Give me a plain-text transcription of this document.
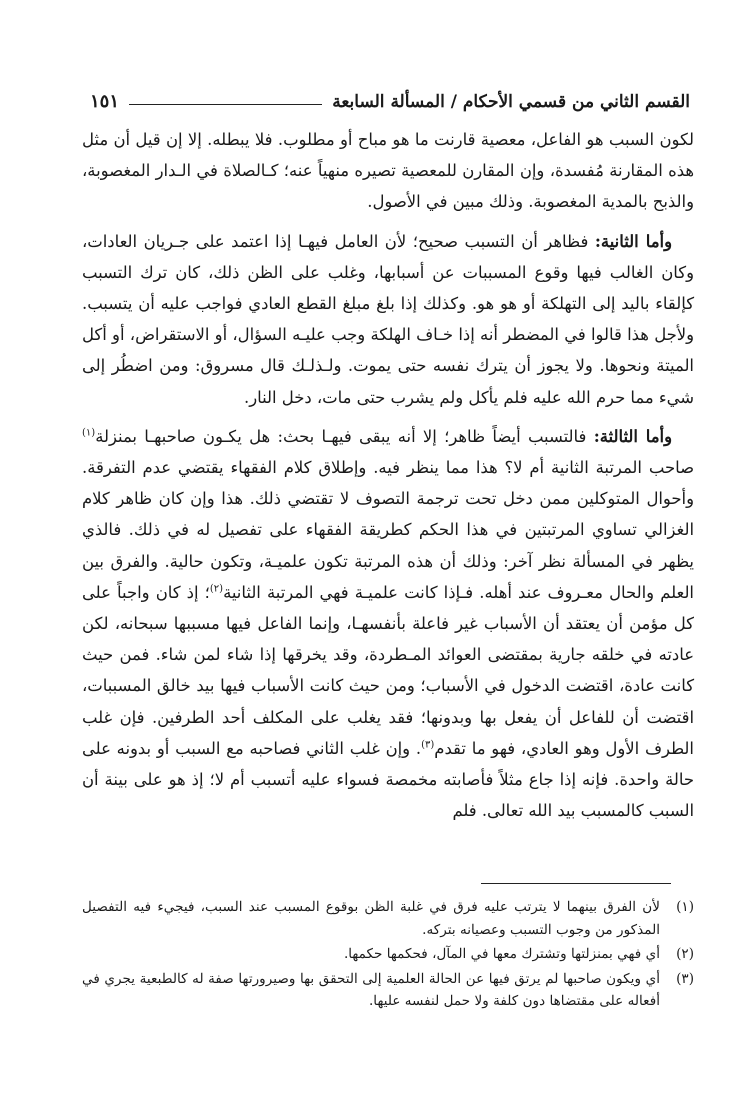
القسم الثاني من قسمي الأحكام / المسألة السابعة
١٥١

لكون السبب هو الفاعل، معصية قارنت ما هو مباح أو مطلوب. فلا يبطله. إلا إن قيل أن مثل هذه المقارنة مُفسدة، وإن المقارن للمعصية تصيره منهياً عنه؛ كـالصلاة في الـدار المغصوبة، والذبح بالمدية المغصوبة. وذلك مبين في الأصول.

وأما الثانية: فظاهر أن التسبب صحيح؛ لأن العامل فيهـا إذا اعتمد على جـريان العادات، وكان الغالب فيها وقوع المسببات عن أسبابها، وغلب على الظن ذلك، كان ترك التسبب كإلقاء باليد إلى التهلكة أو هو هو. وكذلك إذا بلغ مبلغ القطع العادي فواجب عليه أن يتسبب. ولأجل هذا قالوا في المضطر أنه إذا خـاف الهلكة وجب عليـه السؤال، أو الاستقراض، أو أكل الميتة ونحوها. ولا يجوز أن يترك نفسه حتى يموت. ولـذلـك قال مسروق: ومن اضطُر إلى شيء مما حرم الله عليه فلم يأكل ولم يشرب حتى مات، دخل النار.

وأما الثالثة: فالتسبب أيضاً ظاهر؛ إلا أنه يبقى فيهـا بحث: هل يكـون صاحبهـا بمنزلة$^{(١)}$ صاحب المرتبة الثانية أم لا؟ هذا مما ينظر فيه. وإطلاق كلام الفقهاء يقتضي عدم التفرقة. وأحوال المتوكلين ممن دخل تحت ترجمة التصوف لا تقتضي ذلك. هذا وإن كان ظاهر كلام الغزالي تساوي المرتبتين في هذا الحكم كطريقة الفقهاء على تفصيل له في ذلك. فالذي يظهر في المسألة نظر آخر: وذلك أن هذه المرتبة تكون علميـة، وتكون حالية. والفرق بين العلم والحال معـروف عند أهله. فـإذا كانت علميـة فهي المرتبة الثانية$^{(٢)}$؛ إذ كان واجباً على كل مؤمن أن يعتقد أن الأسباب غير فاعلة بأنفسهـا، وإنما الفاعل فيها مسببها سبحانه، لكن عادته في خلقه جارية بمقتضى العوائد المـطردة، وقد يخرقها إذا شاء لمن شاء. فمن حيث كانت عادة، اقتضت الدخول في الأسباب؛ ومن حيث كانت الأسباب فيها بيد خالق المسببات، اقتضت أن للفاعل أن يفعل بها وبدونها؛ فقد يغلب على المكلف أحد الطرفين. فإن غلب الطرف الأول وهو العادي، فهو ما تقدم$^{(٣)}$. وإن غلب الثاني فصاحبه مع السبب أو بدونه على حالة واحدة. فإنه إذا جاع مثلاً فأصابته مخمصة فسواء عليه أتسبب أم لا؛ إذ هو على بينة أن السبب كالمسبب بيد الله تعالى. فلم

(١)
لأن الفرق بينهما لا يترتب عليه فرق في غلبة الظن بوقوع المسبب عند السبب، فيجيء فيه التفصيل المذكور من وجوب التسبب وعصيانه بتركه.
(٢)
أي فهي بمنزلتها وتشترك معها في المآل، فحكمها حكمها.
(٣)
أي ويكون صاحبها لم يرتق فيها عن الحالة العلمية إلى التحقق بها وصيرورتها صفة له كالطبعية يجري في أفعاله على مقتضاها دون كلفة ولا حمل لنفسه عليها.
